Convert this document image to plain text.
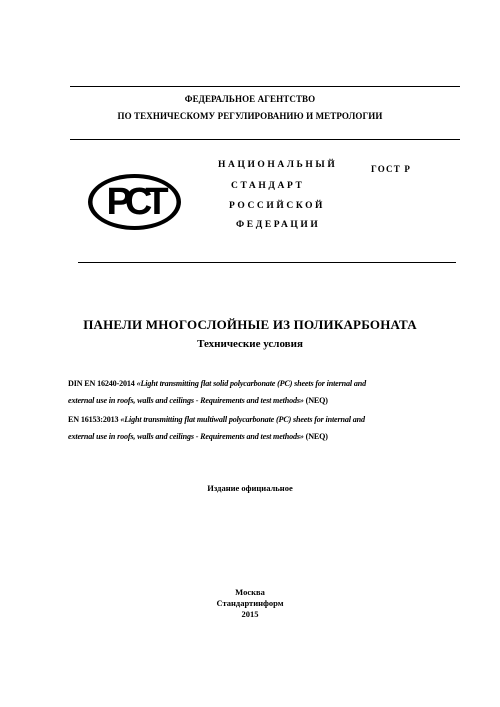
ФЕДЕРАЛЬНОЕ АГЕНТСТВО
ПО ТЕХНИЧЕСКОМУ РЕГУЛИРОВАНИЮ И МЕТРОЛОГИИ
РСТ
НАЦИОНАЛЬНЫЙ
СТАНДАРТ
РОССИЙСКОЙ
ФЕДЕРАЦИИ
ГОСТ Р
ПАНЕЛИ МНОГОСЛОЙНЫЕ ИЗ ПОЛИКАРБОНАТА
Технические условия
DIN EN 16240-2014 «Light transmitting flat solid polycarbonate (PC) sheets for internal and
external use in roofs, walls and ceilings - Requirements and test methods» (NEQ)
EN 16153:2013 «Light transmitting flat multiwall polycarbonate (PC) sheets for internal and
external use in roofs, walls and ceilings - Requirements and test methods» (NEQ)
Издание официальное
Москва
Стандартинформ
2015
